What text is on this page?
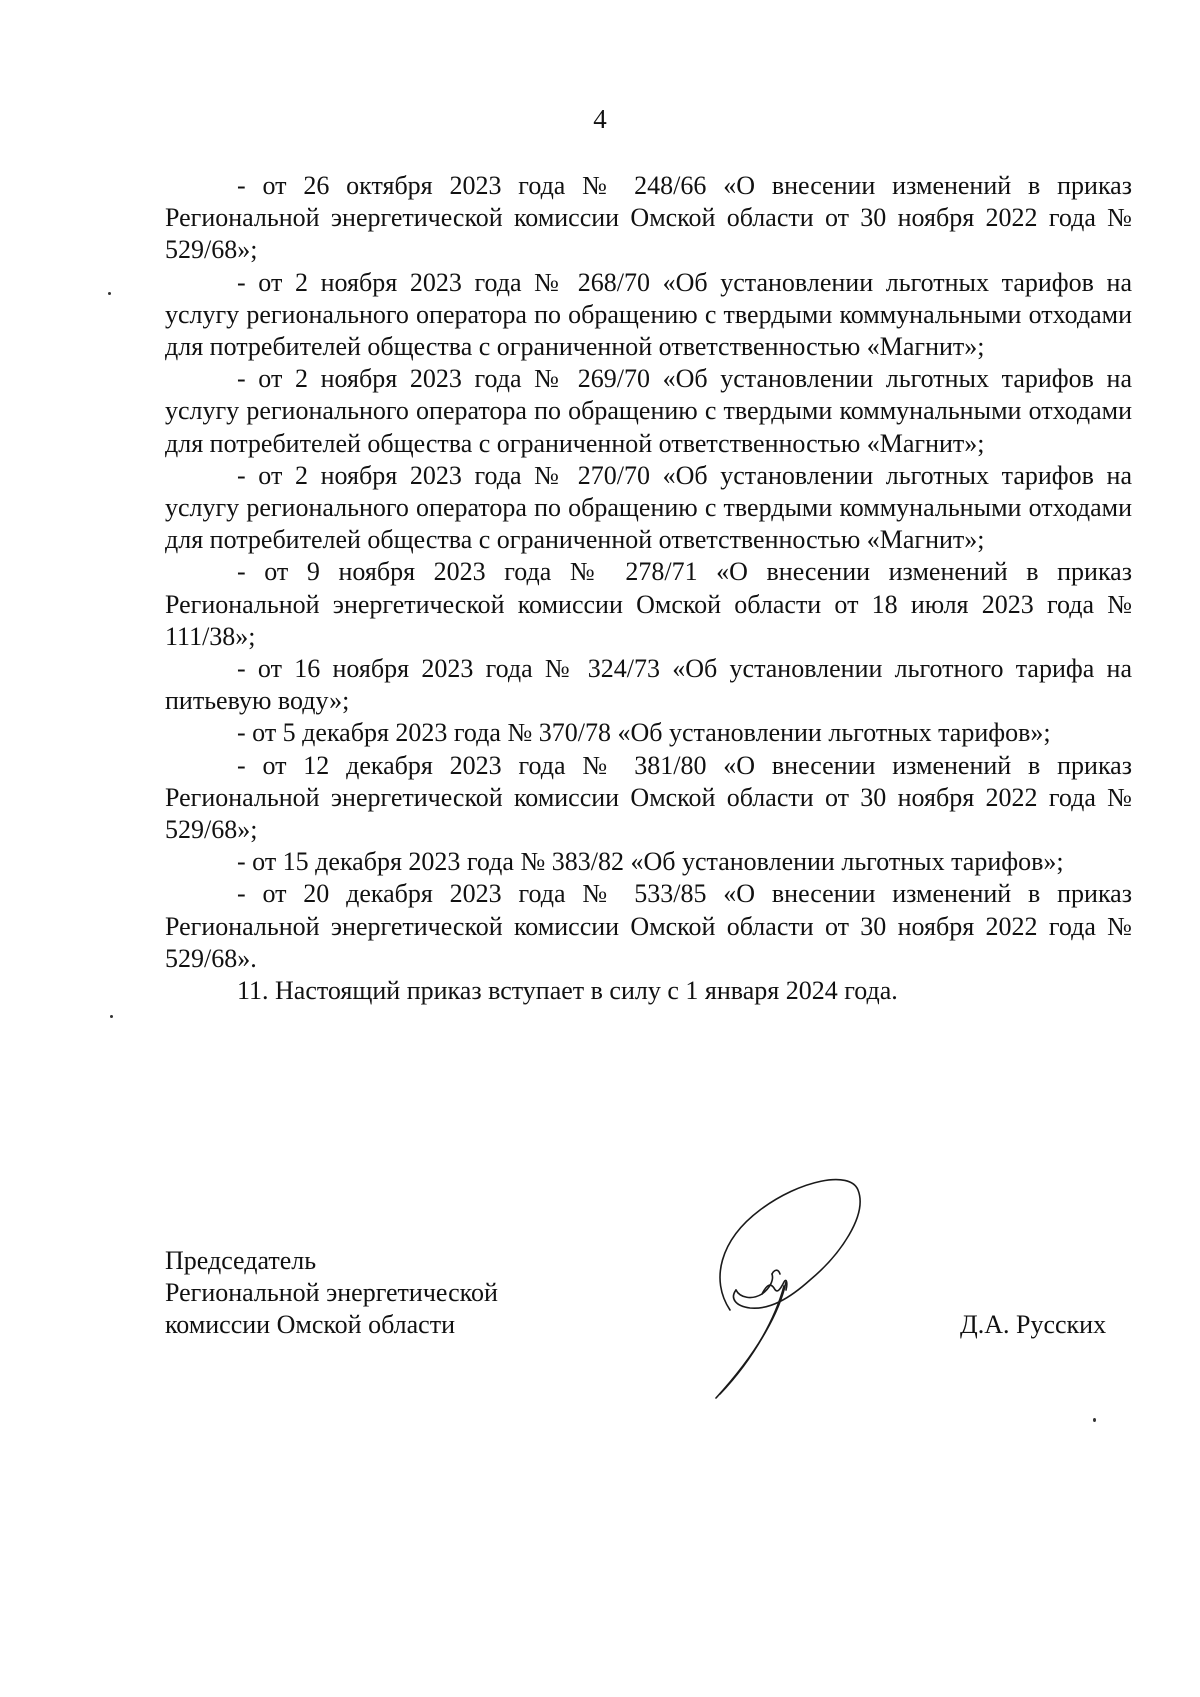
4

- от 26 октября 2023 года № 248/66 «О внесении изменений в приказ Региональной энергетической комиссии Омской области от 30 ноября 2022 года № 529/68»;

- от 2 ноября 2023 года № 268/70 «Об установлении льготных тарифов на услугу регионального оператора по обращению с твердыми коммунальными отходами для потребителей общества с ограниченной ответственностью «Магнит»;

- от 2 ноября 2023 года № 269/70 «Об установлении льготных тарифов на услугу регионального оператора по обращению с твердыми коммунальными отходами для потребителей общества с ограниченной ответственностью «Магнит»;

- от 2 ноября 2023 года № 270/70 «Об установлении льготных тарифов на услугу регионального оператора по обращению с твердыми коммунальными отходами для потребителей общества с ограниченной ответственностью «Магнит»;

- от 9 ноября 2023 года № 278/71 «О внесении изменений в приказ Региональной энергетической комиссии Омской области от 18 июля 2023 года № 111/38»;

- от 16 ноября 2023 года № 324/73 «Об установлении льготного тарифа на питьевую воду»;

- от 5 декабря 2023 года № 370/78 «Об установлении льготных тарифов»;

- от 12 декабря 2023 года № 381/80 «О внесении изменений в приказ Региональной энергетической комиссии Омской области от 30 ноября 2022 года № 529/68»;

- от 15 декабря 2023 года № 383/82 «Об установлении льготных тарифов»;

- от 20 декабря 2023 года № 533/85 «О внесении изменений в приказ Региональной энергетической комиссии Омской области от 30 ноября 2022 года № 529/68».

11. Настоящий приказ вступает в силу с 1 января 2024 года.

Председатель
Региональной энергетической
комиссии Омской области	Д.А. Русских
